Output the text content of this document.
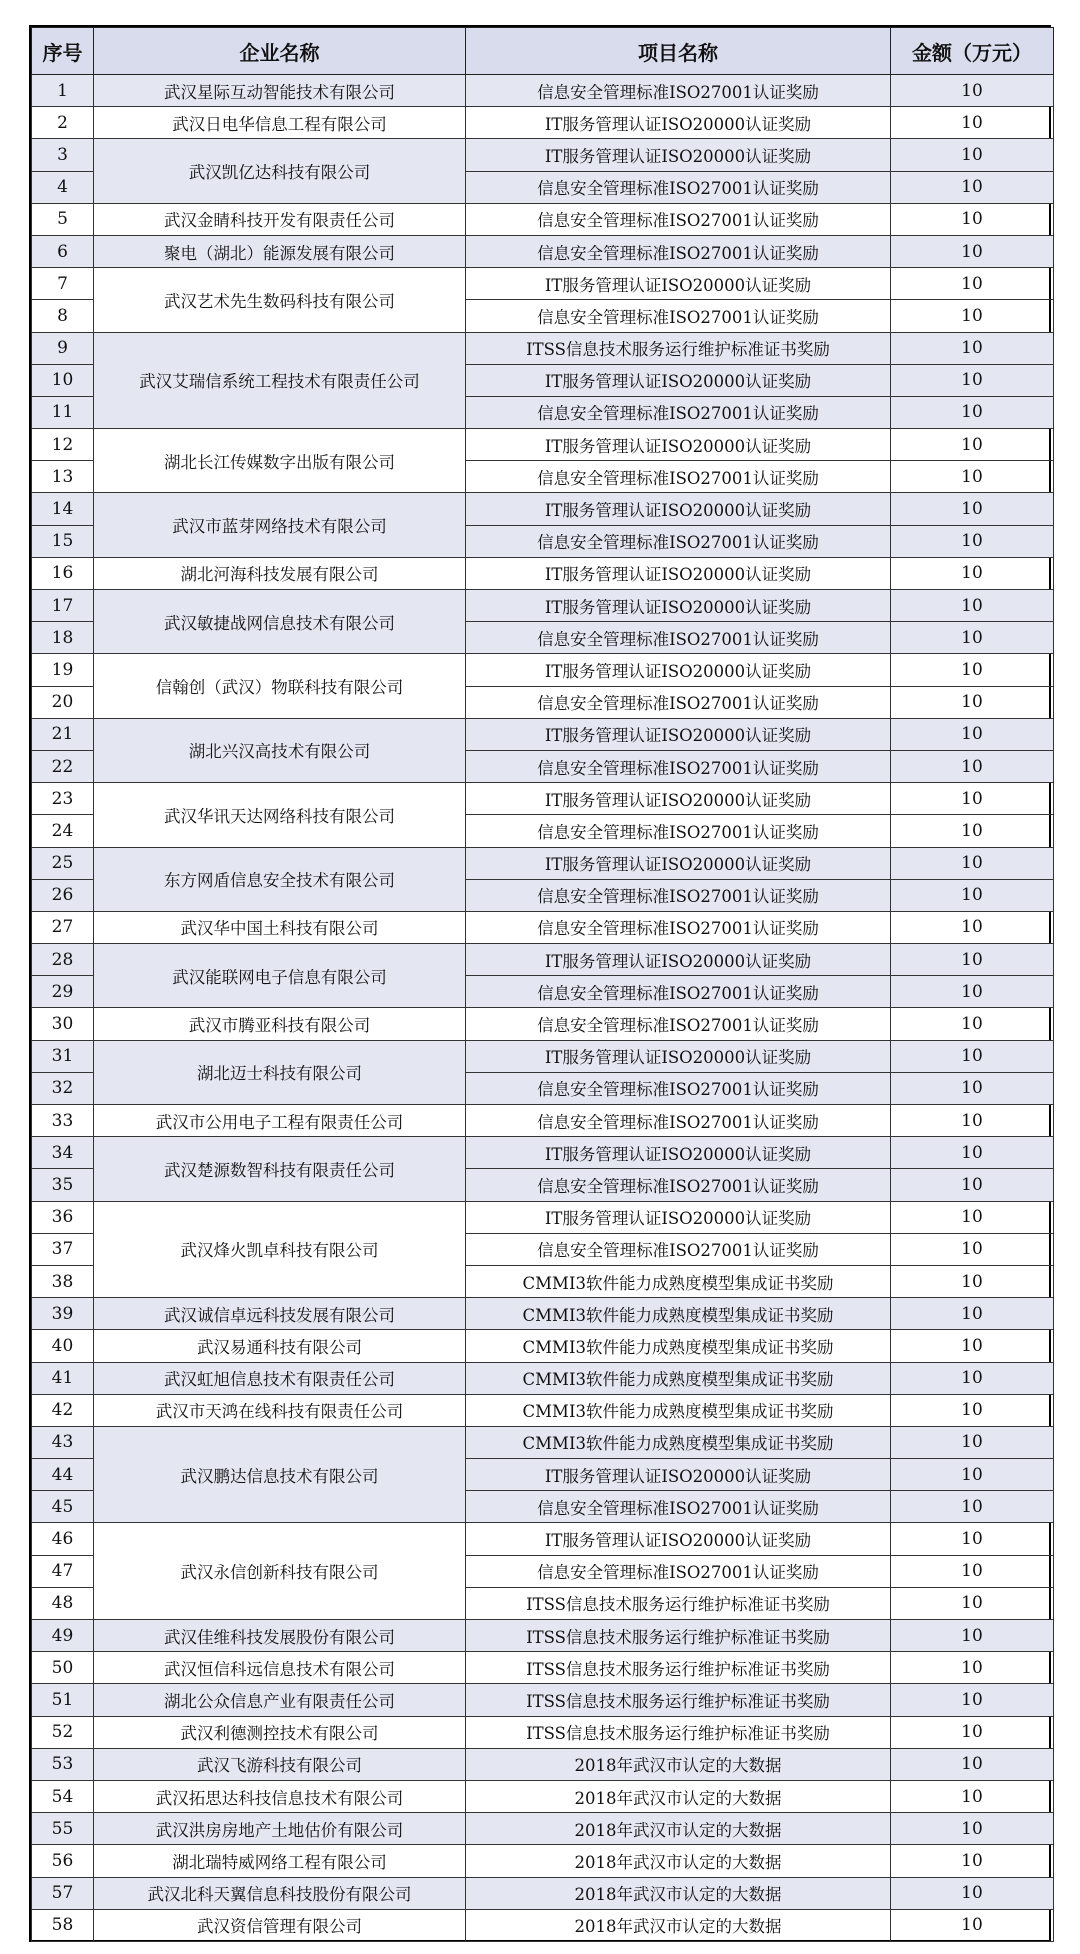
序号	企业名称	项目名称	金额（万元）
1	武汉星际互动智能技术有限公司	信息安全管理标准ISO27001认证奖励	10
2	武汉日电华信息工程有限公司	IT服务管理认证ISO20000认证奖励	10
3	武汉凯亿达科技有限公司	IT服务管理认证ISO20000认证奖励	10
4		信息安全管理标准ISO27001认证奖励	10
5	武汉金睛科技开发有限责任公司	信息安全管理标准ISO27001认证奖励	10
6	聚电（湖北）能源发展有限公司	信息安全管理标准ISO27001认证奖励	10
7	武汉艺术先生数码科技有限公司	IT服务管理认证ISO20000认证奖励	10
8		信息安全管理标准ISO27001认证奖励	10
9	武汉艾瑞信系统工程技术有限责任公司	ITSS信息技术服务运行维护标准证书奖励	10
10		IT服务管理认证ISO20000认证奖励	10
11		信息安全管理标准ISO27001认证奖励	10
12	湖北长江传媒数字出版有限公司	IT服务管理认证ISO20000认证奖励	10
13		信息安全管理标准ISO27001认证奖励	10
14	武汉市蓝芽网络技术有限公司	IT服务管理认证ISO20000认证奖励	10
15		信息安全管理标准ISO27001认证奖励	10
16	湖北河海科技发展有限公司	IT服务管理认证ISO20000认证奖励	10
17	武汉敏捷战网信息技术有限公司	IT服务管理认证ISO20000认证奖励	10
18		信息安全管理标准ISO27001认证奖励	10
19	信翰创（武汉）物联科技有限公司	IT服务管理认证ISO20000认证奖励	10
20		信息安全管理标准ISO27001认证奖励	10
21	湖北兴汉高技术有限公司	IT服务管理认证ISO20000认证奖励	10
22		信息安全管理标准ISO27001认证奖励	10
23	武汉华讯天达网络科技有限公司	IT服务管理认证ISO20000认证奖励	10
24		信息安全管理标准ISO27001认证奖励	10
25	东方网盾信息安全技术有限公司	IT服务管理认证ISO20000认证奖励	10
26		信息安全管理标准ISO27001认证奖励	10
27	武汉华中国土科技有限公司	信息安全管理标准ISO27001认证奖励	10
28	武汉能联网电子信息有限公司	IT服务管理认证ISO20000认证奖励	10
29		信息安全管理标准ISO27001认证奖励	10
30	武汉市腾亚科技有限公司	信息安全管理标准ISO27001认证奖励	10
31	湖北迈士科技有限公司	IT服务管理认证ISO20000认证奖励	10
32		信息安全管理标准ISO27001认证奖励	10
33	武汉市公用电子工程有限责任公司	信息安全管理标准ISO27001认证奖励	10
34	武汉楚源数智科技有限责任公司	IT服务管理认证ISO20000认证奖励	10
35		信息安全管理标准ISO27001认证奖励	10
36	武汉烽火凯卓科技有限公司	IT服务管理认证ISO20000认证奖励	10
37		信息安全管理标准ISO27001认证奖励	10
38		CMMI3软件能力成熟度模型集成证书奖励	10
39	武汉诚信卓远科技发展有限公司	CMMI3软件能力成熟度模型集成证书奖励	10
40	武汉易通科技有限公司	CMMI3软件能力成熟度模型集成证书奖励	10
41	武汉虹旭信息技术有限责任公司	CMMI3软件能力成熟度模型集成证书奖励	10
42	武汉市天鸿在线科技有限责任公司	CMMI3软件能力成熟度模型集成证书奖励	10
43	武汉鹏达信息技术有限公司	CMMI3软件能力成熟度模型集成证书奖励	10
44		IT服务管理认证ISO20000认证奖励	10
45		信息安全管理标准ISO27001认证奖励	10
46	武汉永信创新科技有限公司	IT服务管理认证ISO20000认证奖励	10
47		信息安全管理标准ISO27001认证奖励	10
48		ITSS信息技术服务运行维护标准证书奖励	10
49	武汉佳维科技发展股份有限公司	ITSS信息技术服务运行维护标准证书奖励	10
50	武汉恒信科远信息技术有限公司	ITSS信息技术服务运行维护标准证书奖励	10
51	湖北公众信息产业有限责任公司	ITSS信息技术服务运行维护标准证书奖励	10
52	武汉利德测控技术有限公司	ITSS信息技术服务运行维护标准证书奖励	10
53	武汉飞游科技有限公司	2018年武汉市认定的大数据	10
54	武汉拓思达科技信息技术有限公司	2018年武汉市认定的大数据	10
55	武汉洪房房地产土地估价有限公司	2018年武汉市认定的大数据	10
56	湖北瑞特威网络工程有限公司	2018年武汉市认定的大数据	10
57	武汉北科天翼信息科技股份有限公司	2018年武汉市认定的大数据	10
58	武汉资信管理有限公司	2018年武汉市认定的大数据	10
